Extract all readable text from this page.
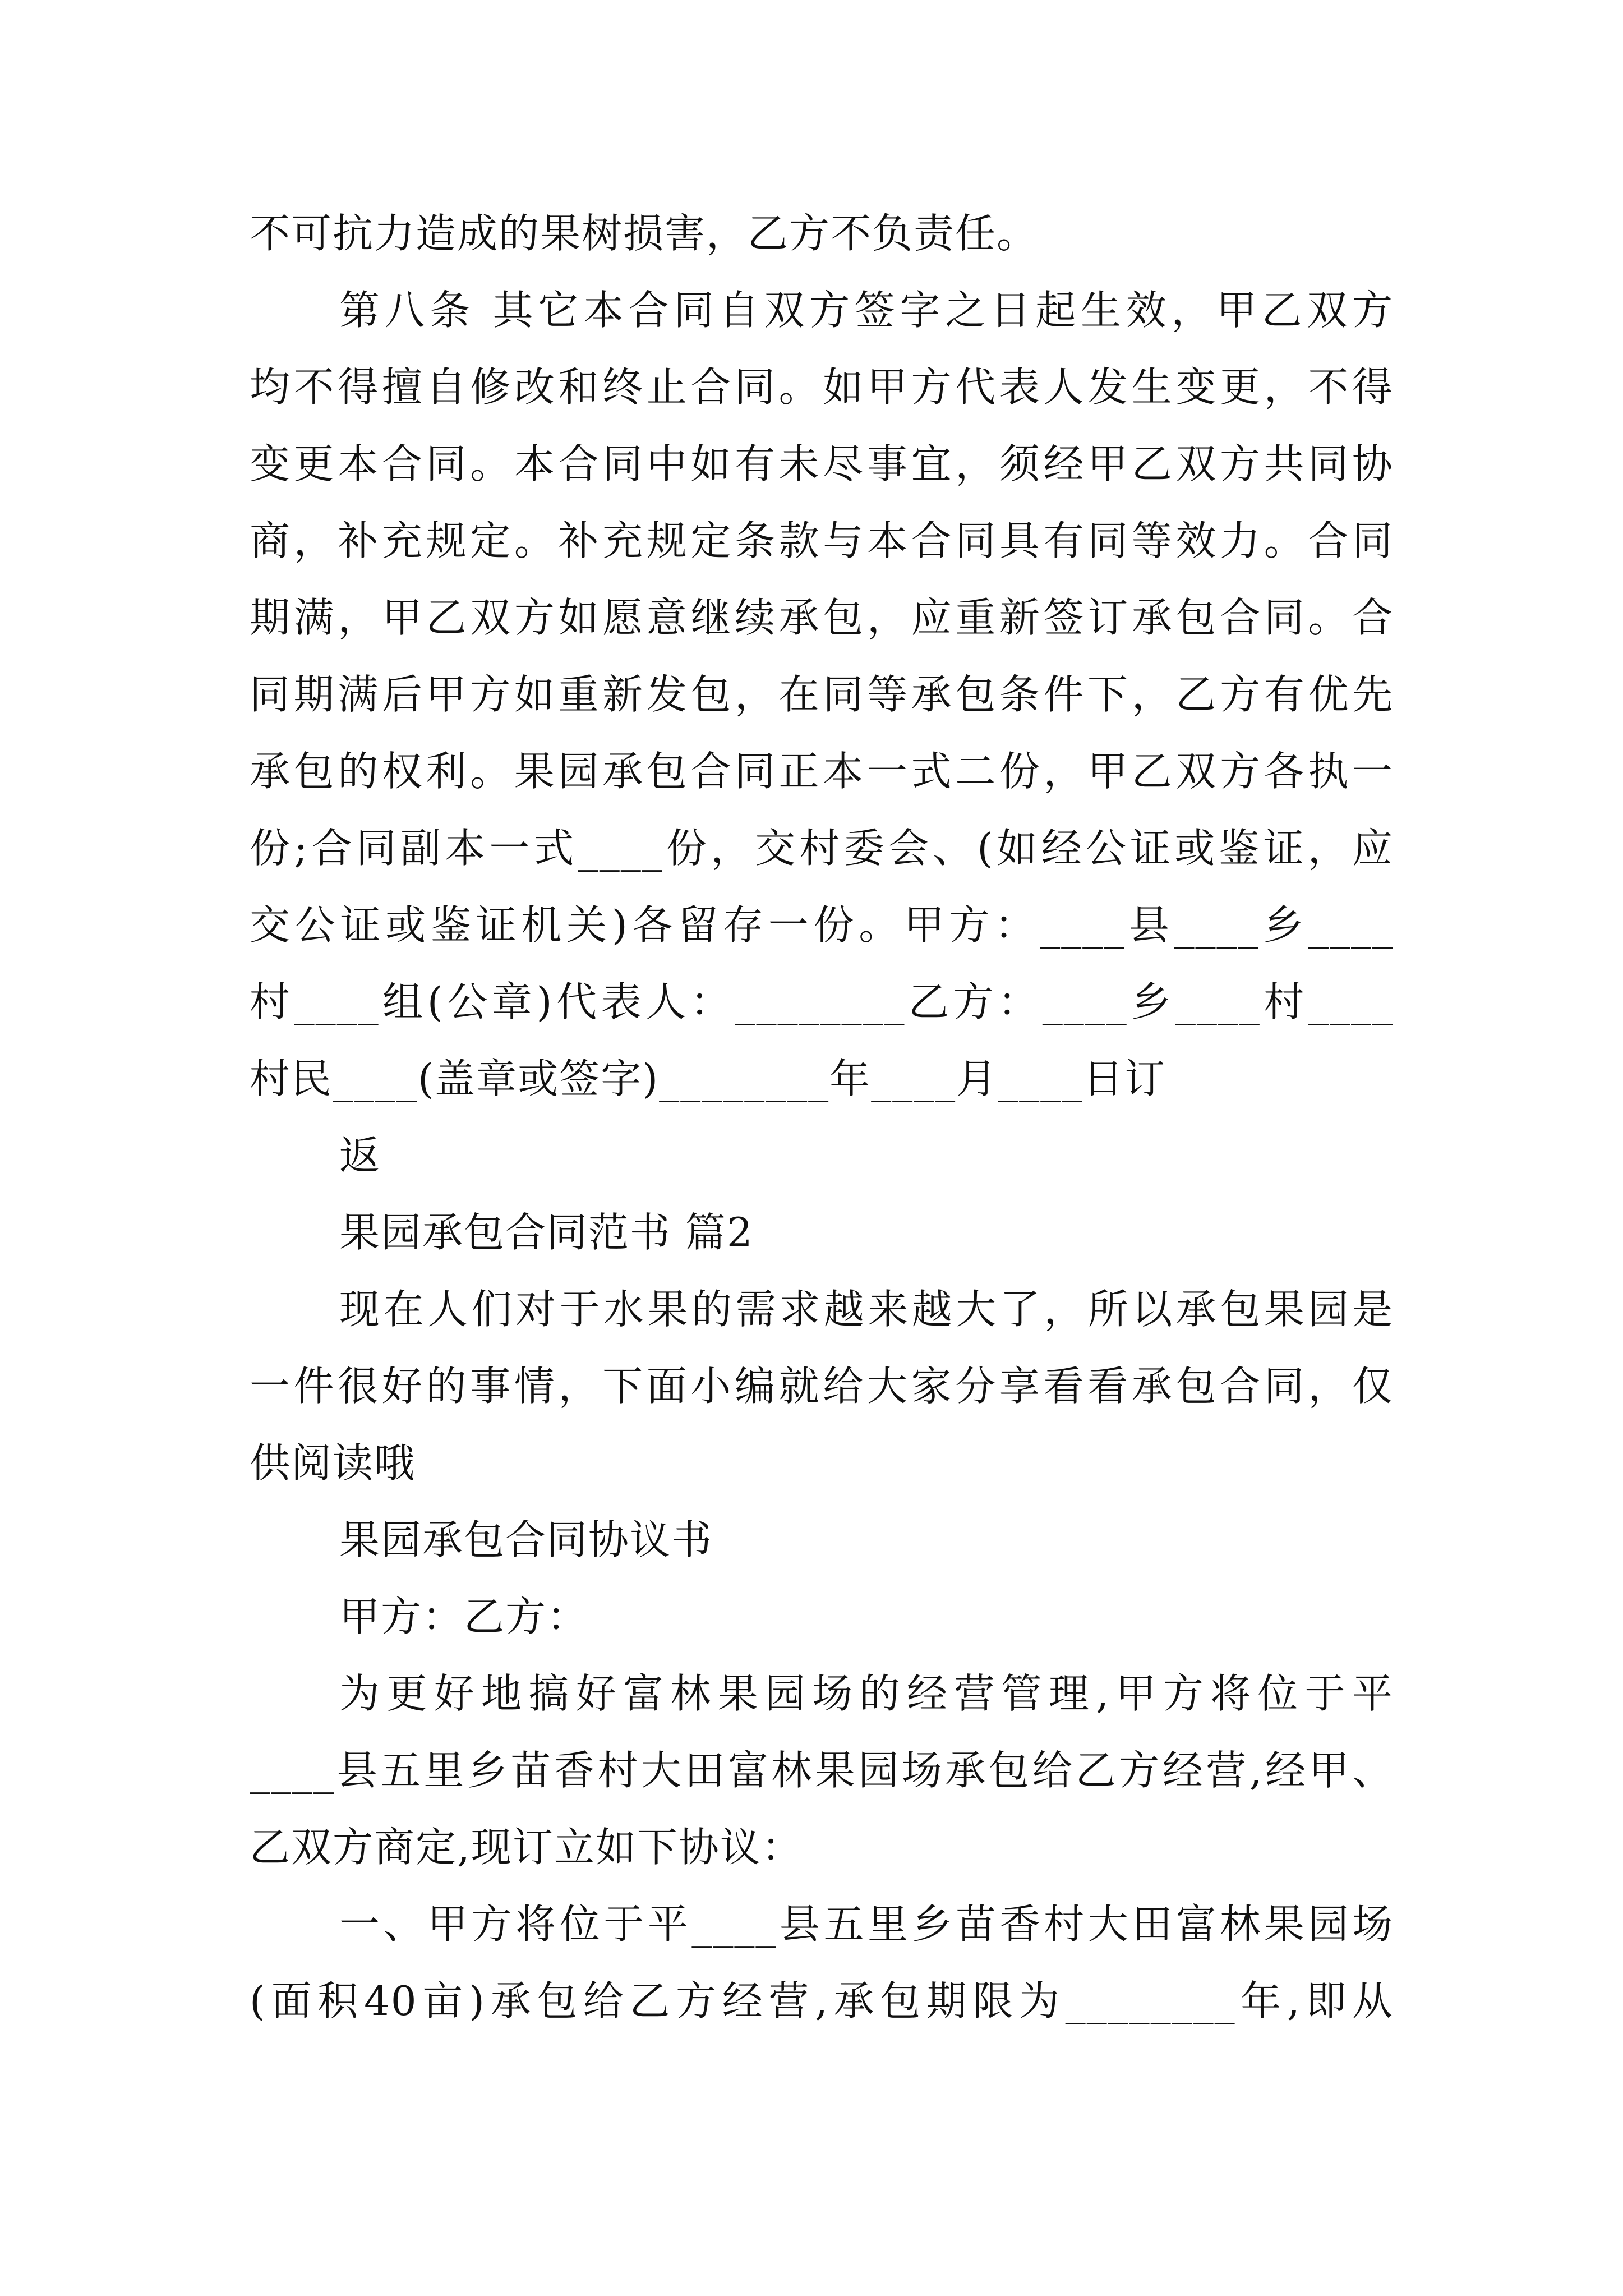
不可抗力造成的果树损害，乙方不负责任。
第八条 其它本合同自双方签字之日起生效，甲乙双方
均不得擅自修改和终止合同。如甲方代表人发生变更，不得
变更本合同。本合同中如有未尽事宜，须经甲乙双方共同协
商，补充规定。补充规定条款与本合同具有同等效力。合同
期满，甲乙双方如愿意继续承包，应重新签订承包合同。合
同期满后甲方如重新发包，在同等承包条件下，乙方有优先
承包的权利。果园承包合同正本一式二份，甲乙双方各执一
份;合同副本一式____份，交村委会、(如经公证或鉴证，应
交公证或鉴证机关)各留存一份。甲方：____县____乡____
村____组(公章)代表人：________乙方：____乡____村____
村民____(盖章或签字)________年____月____日订
返
果园承包合同范书 篇2
现在人们对于水果的需求越来越大了，所以承包果园是
一件很好的事情，下面小编就给大家分享看看承包合同，仅
供阅读哦
果园承包合同协议书
甲方：乙方：
为更好地搞好富林果园场的经营管理,甲方将位于平
____县五里乡苗香村大田富林果园场承包给乙方经营,经甲、
乙双方商定,现订立如下协议：
一、甲方将位于平____县五里乡苗香村大田富林果园场
(面积40亩)承包给乙方经营,承包期限为________年,即从
